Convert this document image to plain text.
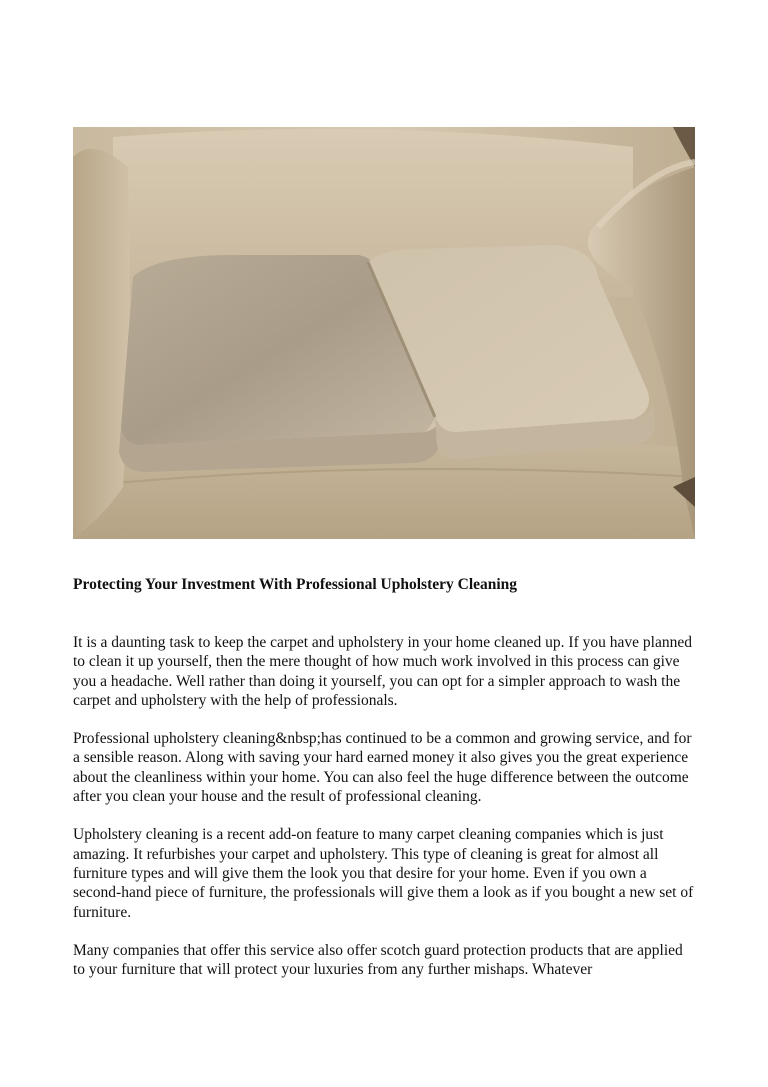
Protecting Your Investment With Professional Upholstery Cleaning

It is a daunting task to keep the carpet and upholstery in your home cleaned up. If you have planned to clean it up yourself, then the mere thought of how much work involved in this process can give you a headache. Well rather than doing it yourself, you can opt for a simpler approach to wash the carpet and upholstery with the help of professionals.

Professional upholstery cleaning&nbsp;has continued to be a common and growing service, and for a sensible reason. Along with saving your hard earned money it also gives you the great experience about the cleanliness within your home. You can also feel the huge difference between the outcome after you clean your house and the result of professional cleaning.

Upholstery cleaning is a recent add-on feature to many carpet cleaning companies which is just amazing. It refurbishes your carpet and upholstery. This type of cleaning is great for almost all furniture types and will give them the look you that desire for your home. Even if you own a second-hand piece of furniture, the professionals will give them a look as if you bought a new set of furniture.

Many companies that offer this service also offer scotch guard protection products that are applied to your furniture that will protect your luxuries from any further mishaps. Whatever
